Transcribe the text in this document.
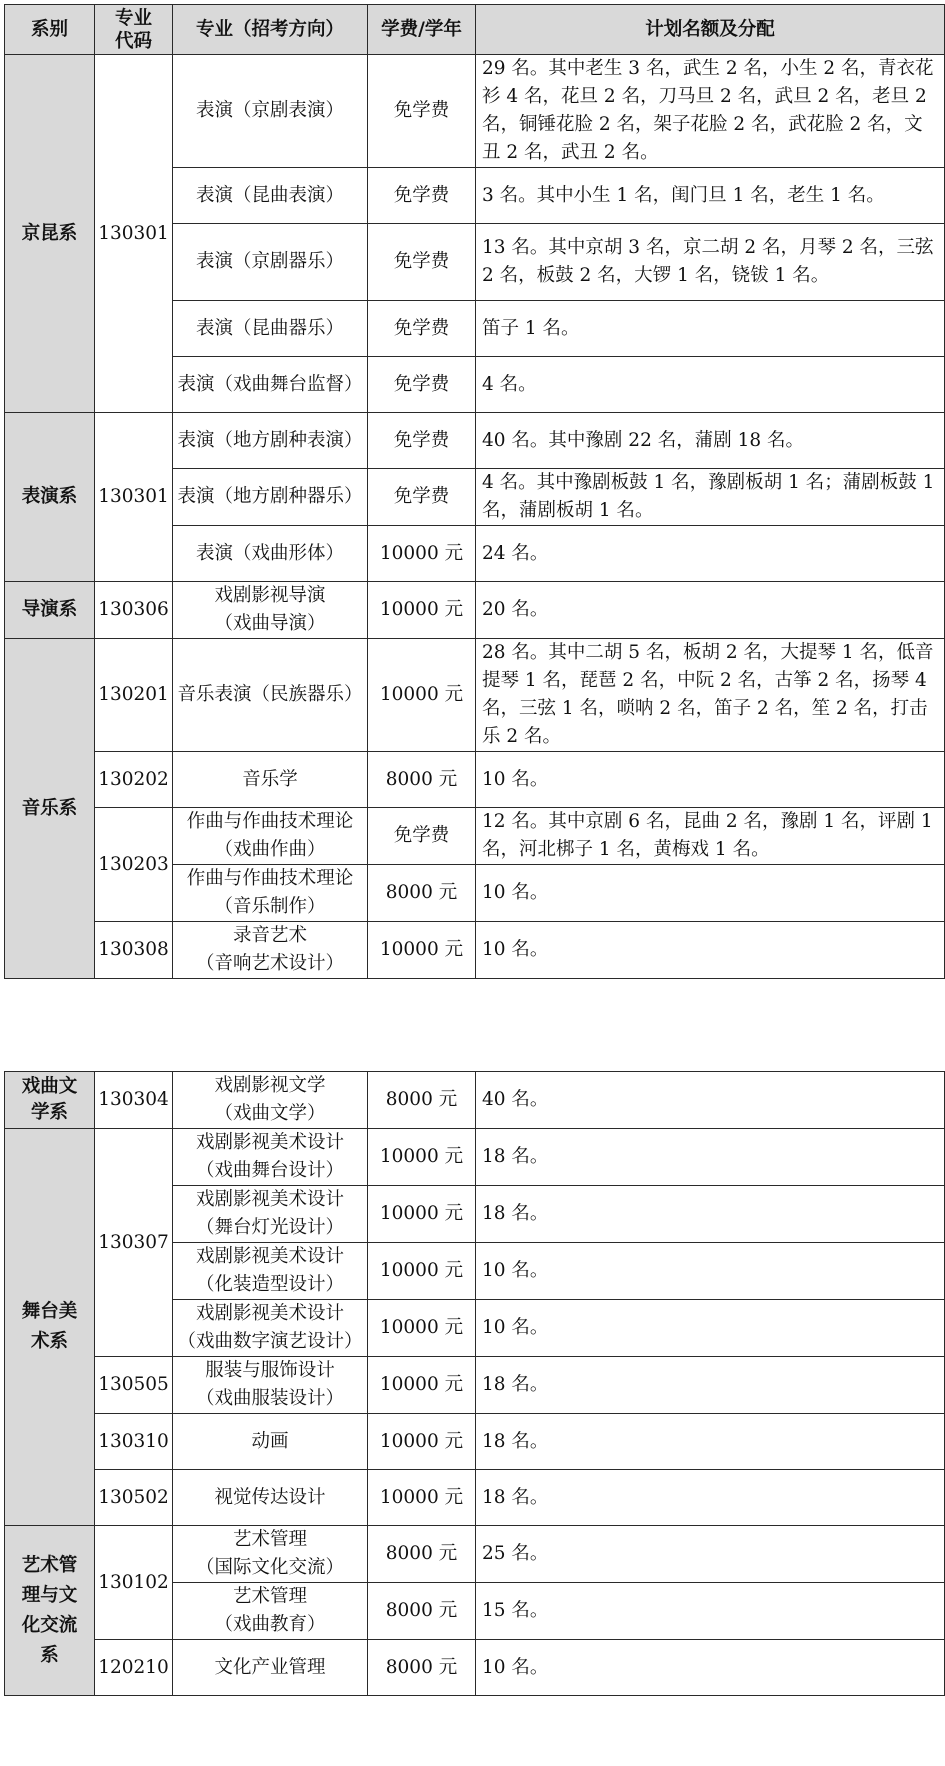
系别	专业
代码	专业（招考方向）	学费/学年	计划名额及分配
京昆系	130301	表演（京剧表演）	免学费	29 名。其中老生 3 名，武生 2 名，小生 2 名，青衣花衫 4 名，花旦 2 名，刀马旦 2 名，武旦 2 名，老旦 2 名，铜锤花脸 2 名，架子花脸 2 名，武花脸 2 名，文丑 2 名，武丑 2 名。
		表演（昆曲表演）	免学费	3 名。其中小生 1 名，闺门旦 1 名，老生 1 名。
		表演（京剧器乐）	免学费	13 名。其中京胡 3 名，京二胡 2 名，月琴 2 名，三弦 2 名，板鼓 2 名，大锣 1 名，铙钹 1 名。
		表演（昆曲器乐）	免学费	笛子 1 名。
		表演（戏曲舞台监督）	免学费	4 名。
表演系	130301	表演（地方剧种表演）	免学费	40 名。其中豫剧 22 名，蒲剧 18 名。
		表演（地方剧种器乐）	免学费	4 名。其中豫剧板鼓 1 名，豫剧板胡 1 名；蒲剧板鼓 1 名，蒲剧板胡 1 名。
		表演（戏曲形体）	10000 元	24 名。
导演系	130306	戏剧影视导演
（戏曲导演）	10000 元	20 名。
音乐系	130201	音乐表演（民族器乐）	10000 元	28 名。其中二胡 5 名，板胡 2 名，大提琴 1 名，低音提琴 1 名，琵琶 2 名，中阮 2 名，古筝 2 名，扬琴 4 名，三弦 1 名，唢呐 2 名，笛子 2 名，笙 2 名，打击乐 2 名。
	130202	音乐学	8000 元	10 名。
	130203	作曲与作曲技术理论
（戏曲作曲）	免学费	12 名。其中京剧 6 名，昆曲 2 名，豫剧 1 名，评剧 1 名，河北梆子 1 名，黄梅戏 1 名。
		作曲与作曲技术理论
（音乐制作）	8000 元	10 名。
	130308	录音艺术
（音响艺术设计）	10000 元	10 名。
戏曲文
学系	130304	戏剧影视文学
（戏曲文学）	8000 元	40 名。
舞台美
术系	130307	戏剧影视美术设计
（戏曲舞台设计）	10000 元	18 名。
		戏剧影视美术设计
（舞台灯光设计）	10000 元	18 名。
		戏剧影视美术设计
（化装造型设计）	10000 元	10 名。
		戏剧影视美术设计
（戏曲数字演艺设计）	10000 元	10 名。
	130505	服装与服饰设计
（戏曲服装设计）	10000 元	18 名。
	130310	动画	10000 元	18 名。
	130502	视觉传达设计	10000 元	18 名。
艺术管
理与文
化交流
系	130102	艺术管理
（国际文化交流）	8000 元	25 名。
		艺术管理
（戏曲教育）	8000 元	15 名。
	120210	文化产业管理	8000 元	10 名。
